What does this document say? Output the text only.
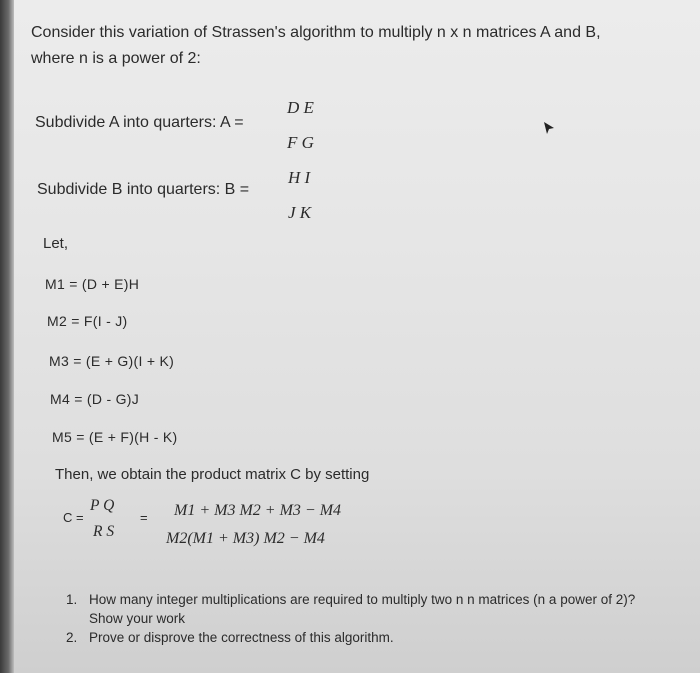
Consider this variation of Strassen's algorithm to multiply n x n matrices A and B,
where n is a power of 2:
Subdivide A into quarters: A =
D E
F G
Subdivide B into quarters: B =
H I
J K
Let,
M1 = (D + E)H
M2 = F(I - J)
M3 = (E + G)(I + K)
M4 = (D - G)J
M5 = (E + F)(H - K)
Then, we obtain the product matrix C by setting
C =
P Q
R S
= M1 + M3 M2 + M3 − M4
M2(M1 + M3) M2 − M4
1. How many integer multiplications are required to multiply two n n matrices (n a power of 2)? Show your work
2. Prove or disprove the correctness of this algorithm.
